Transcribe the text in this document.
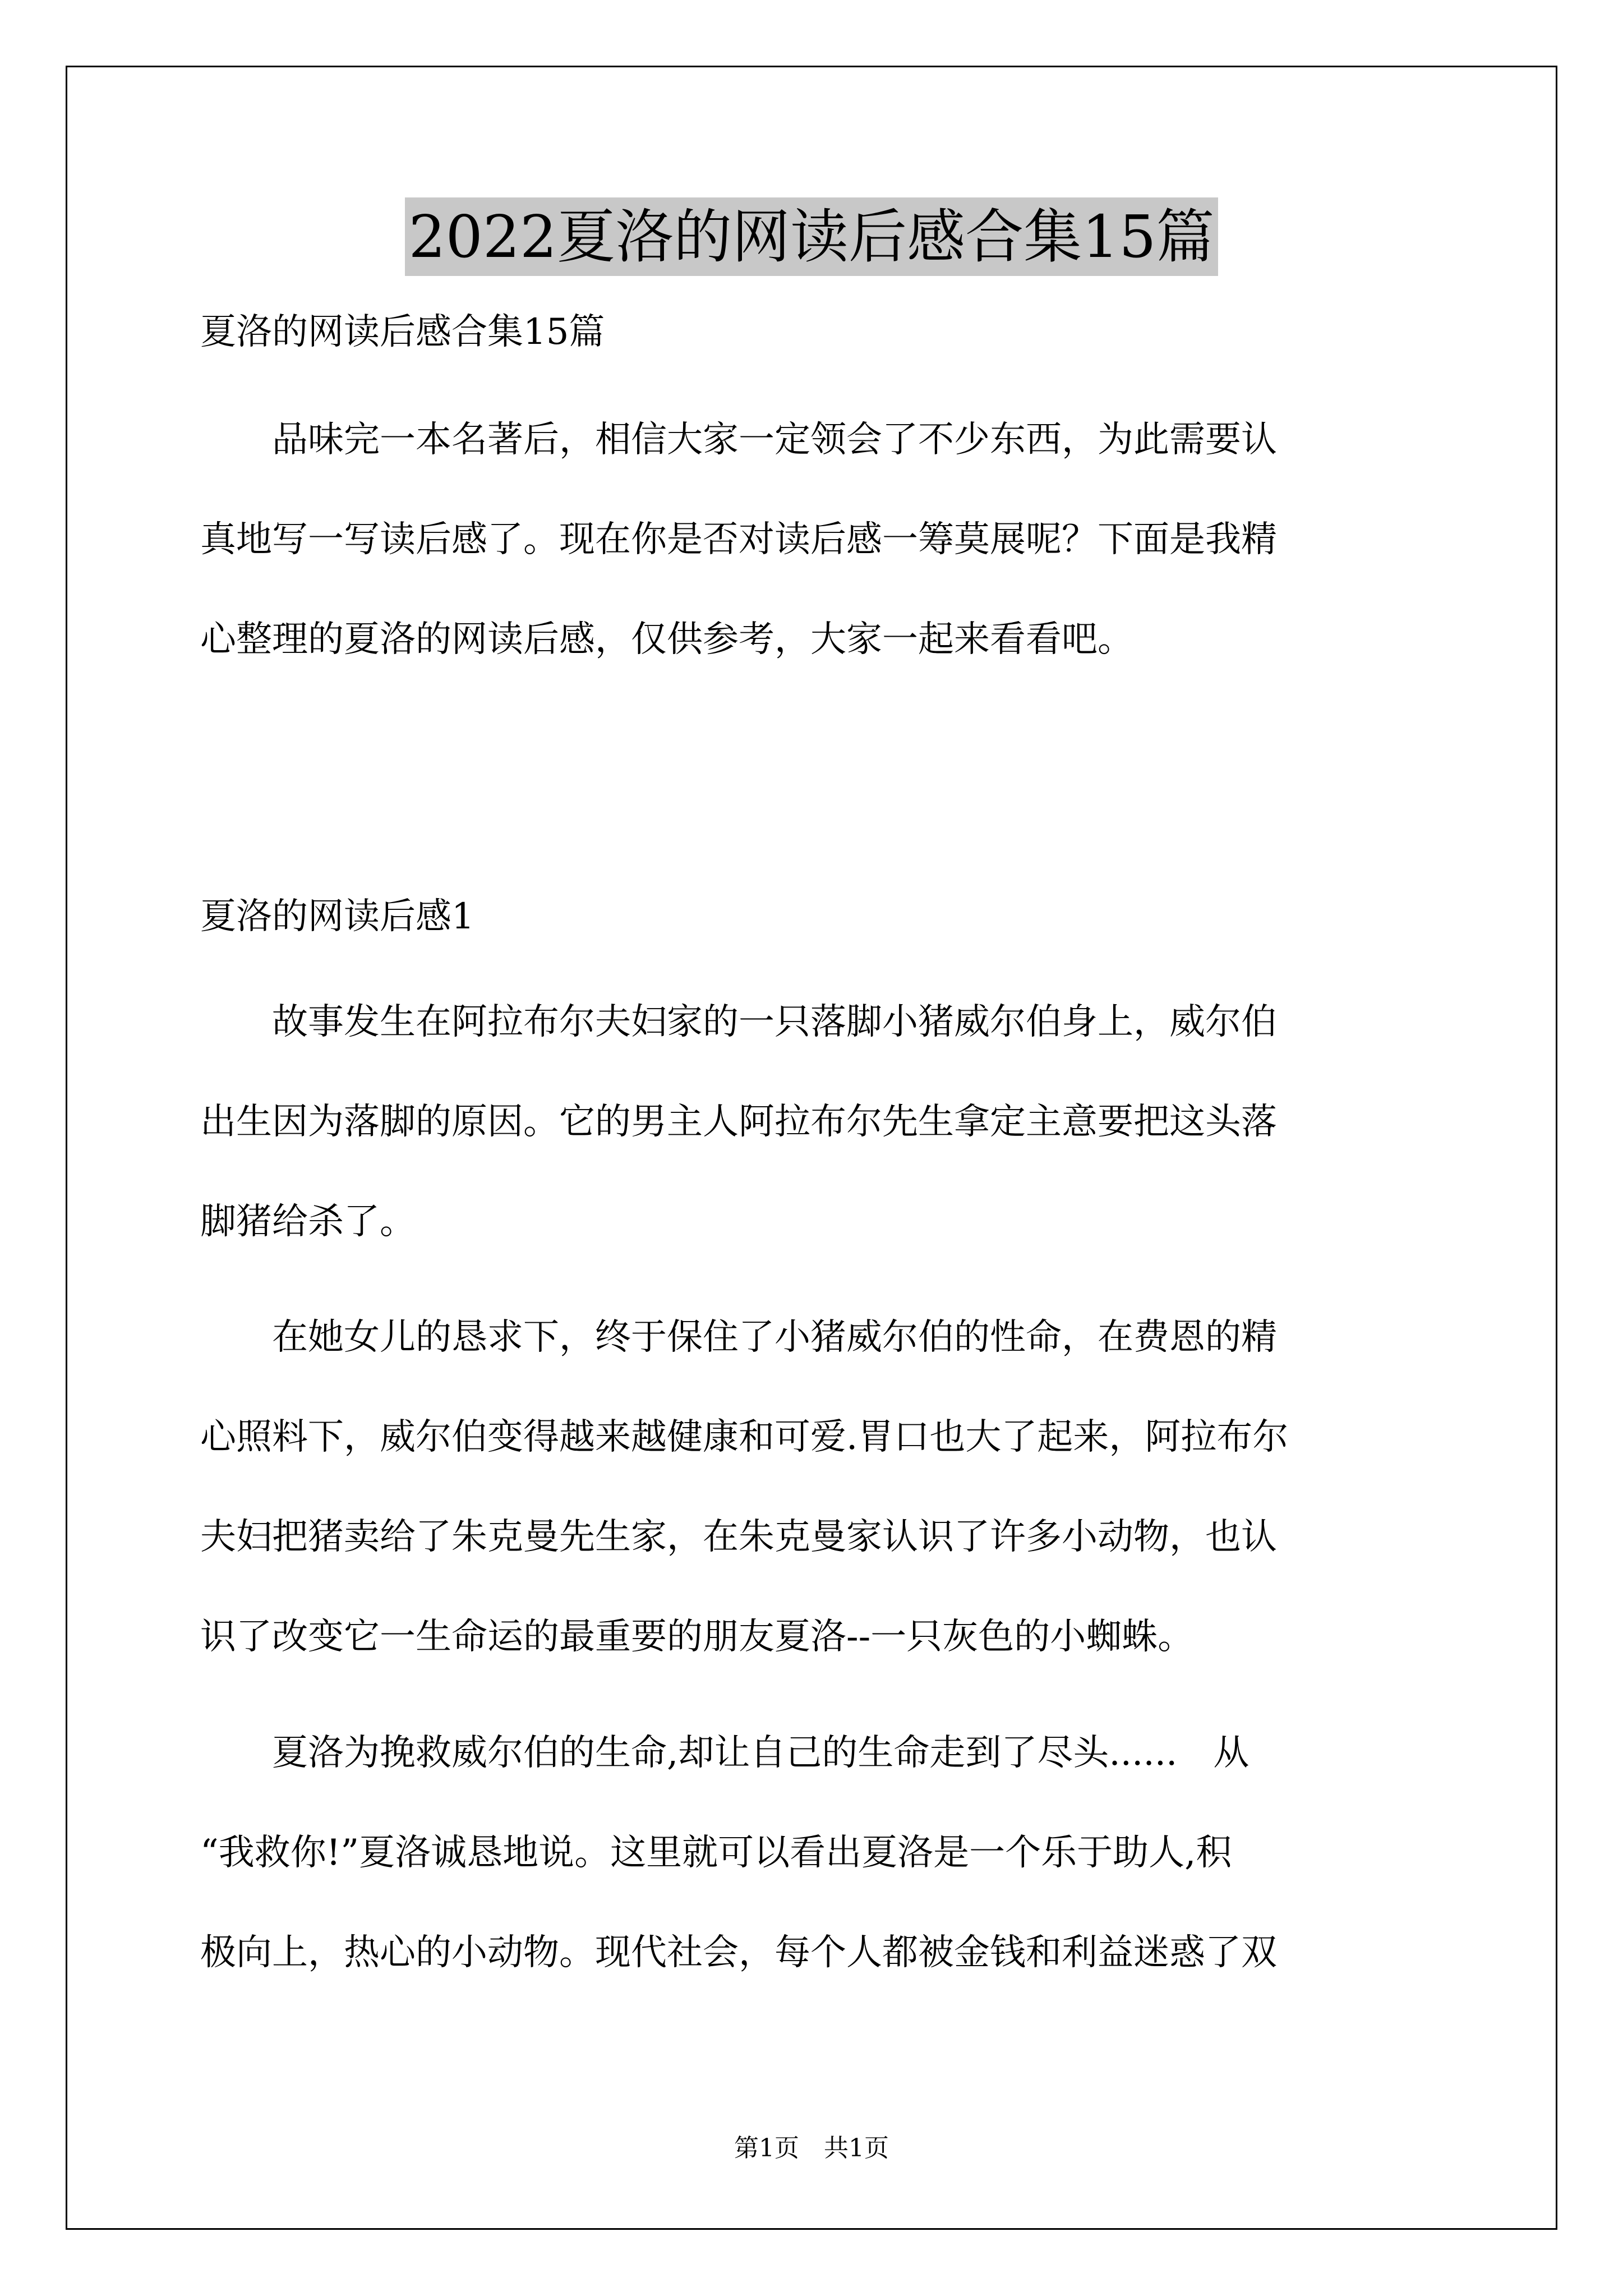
2022夏洛的网读后感合集15篇
夏洛的网读后感合集15篇
　　品味完一本名著后，相信大家一定领会了不少东西，为此需要认
真地写一写读后感了。现在你是否对读后感一筹莫展呢？下面是我精
心整理的夏洛的网读后感，仅供参考，大家一起来看看吧。
夏洛的网读后感1
　　故事发生在阿拉布尔夫妇家的一只落脚小猪威尔伯身上，威尔伯
出生因为落脚的原因。它的男主人阿拉布尔先生拿定主意要把这头落
脚猪给杀了。
　　在她女儿的恳求下，终于保住了小猪威尔伯的性命，在费恩的精
心照料下，威尔伯变得越来越健康和可爱.胃口也大了起来，阿拉布尔
夫妇把猪卖给了朱克曼先生家，在朱克曼家认识了许多小动物，也认
识了改变它一生命运的最重要的朋友夏洛--一只灰色的小蜘蛛。
　　夏洛为挽救威尔伯的生命,却让自己的生命走到了尽头......　从
“我救你!”夏洛诚恳地说。这里就可以看出夏洛是一个乐于助人,积
极向上，热心的小动物。现代社会，每个人都被金钱和利益迷惑了双
第1页　共1页
